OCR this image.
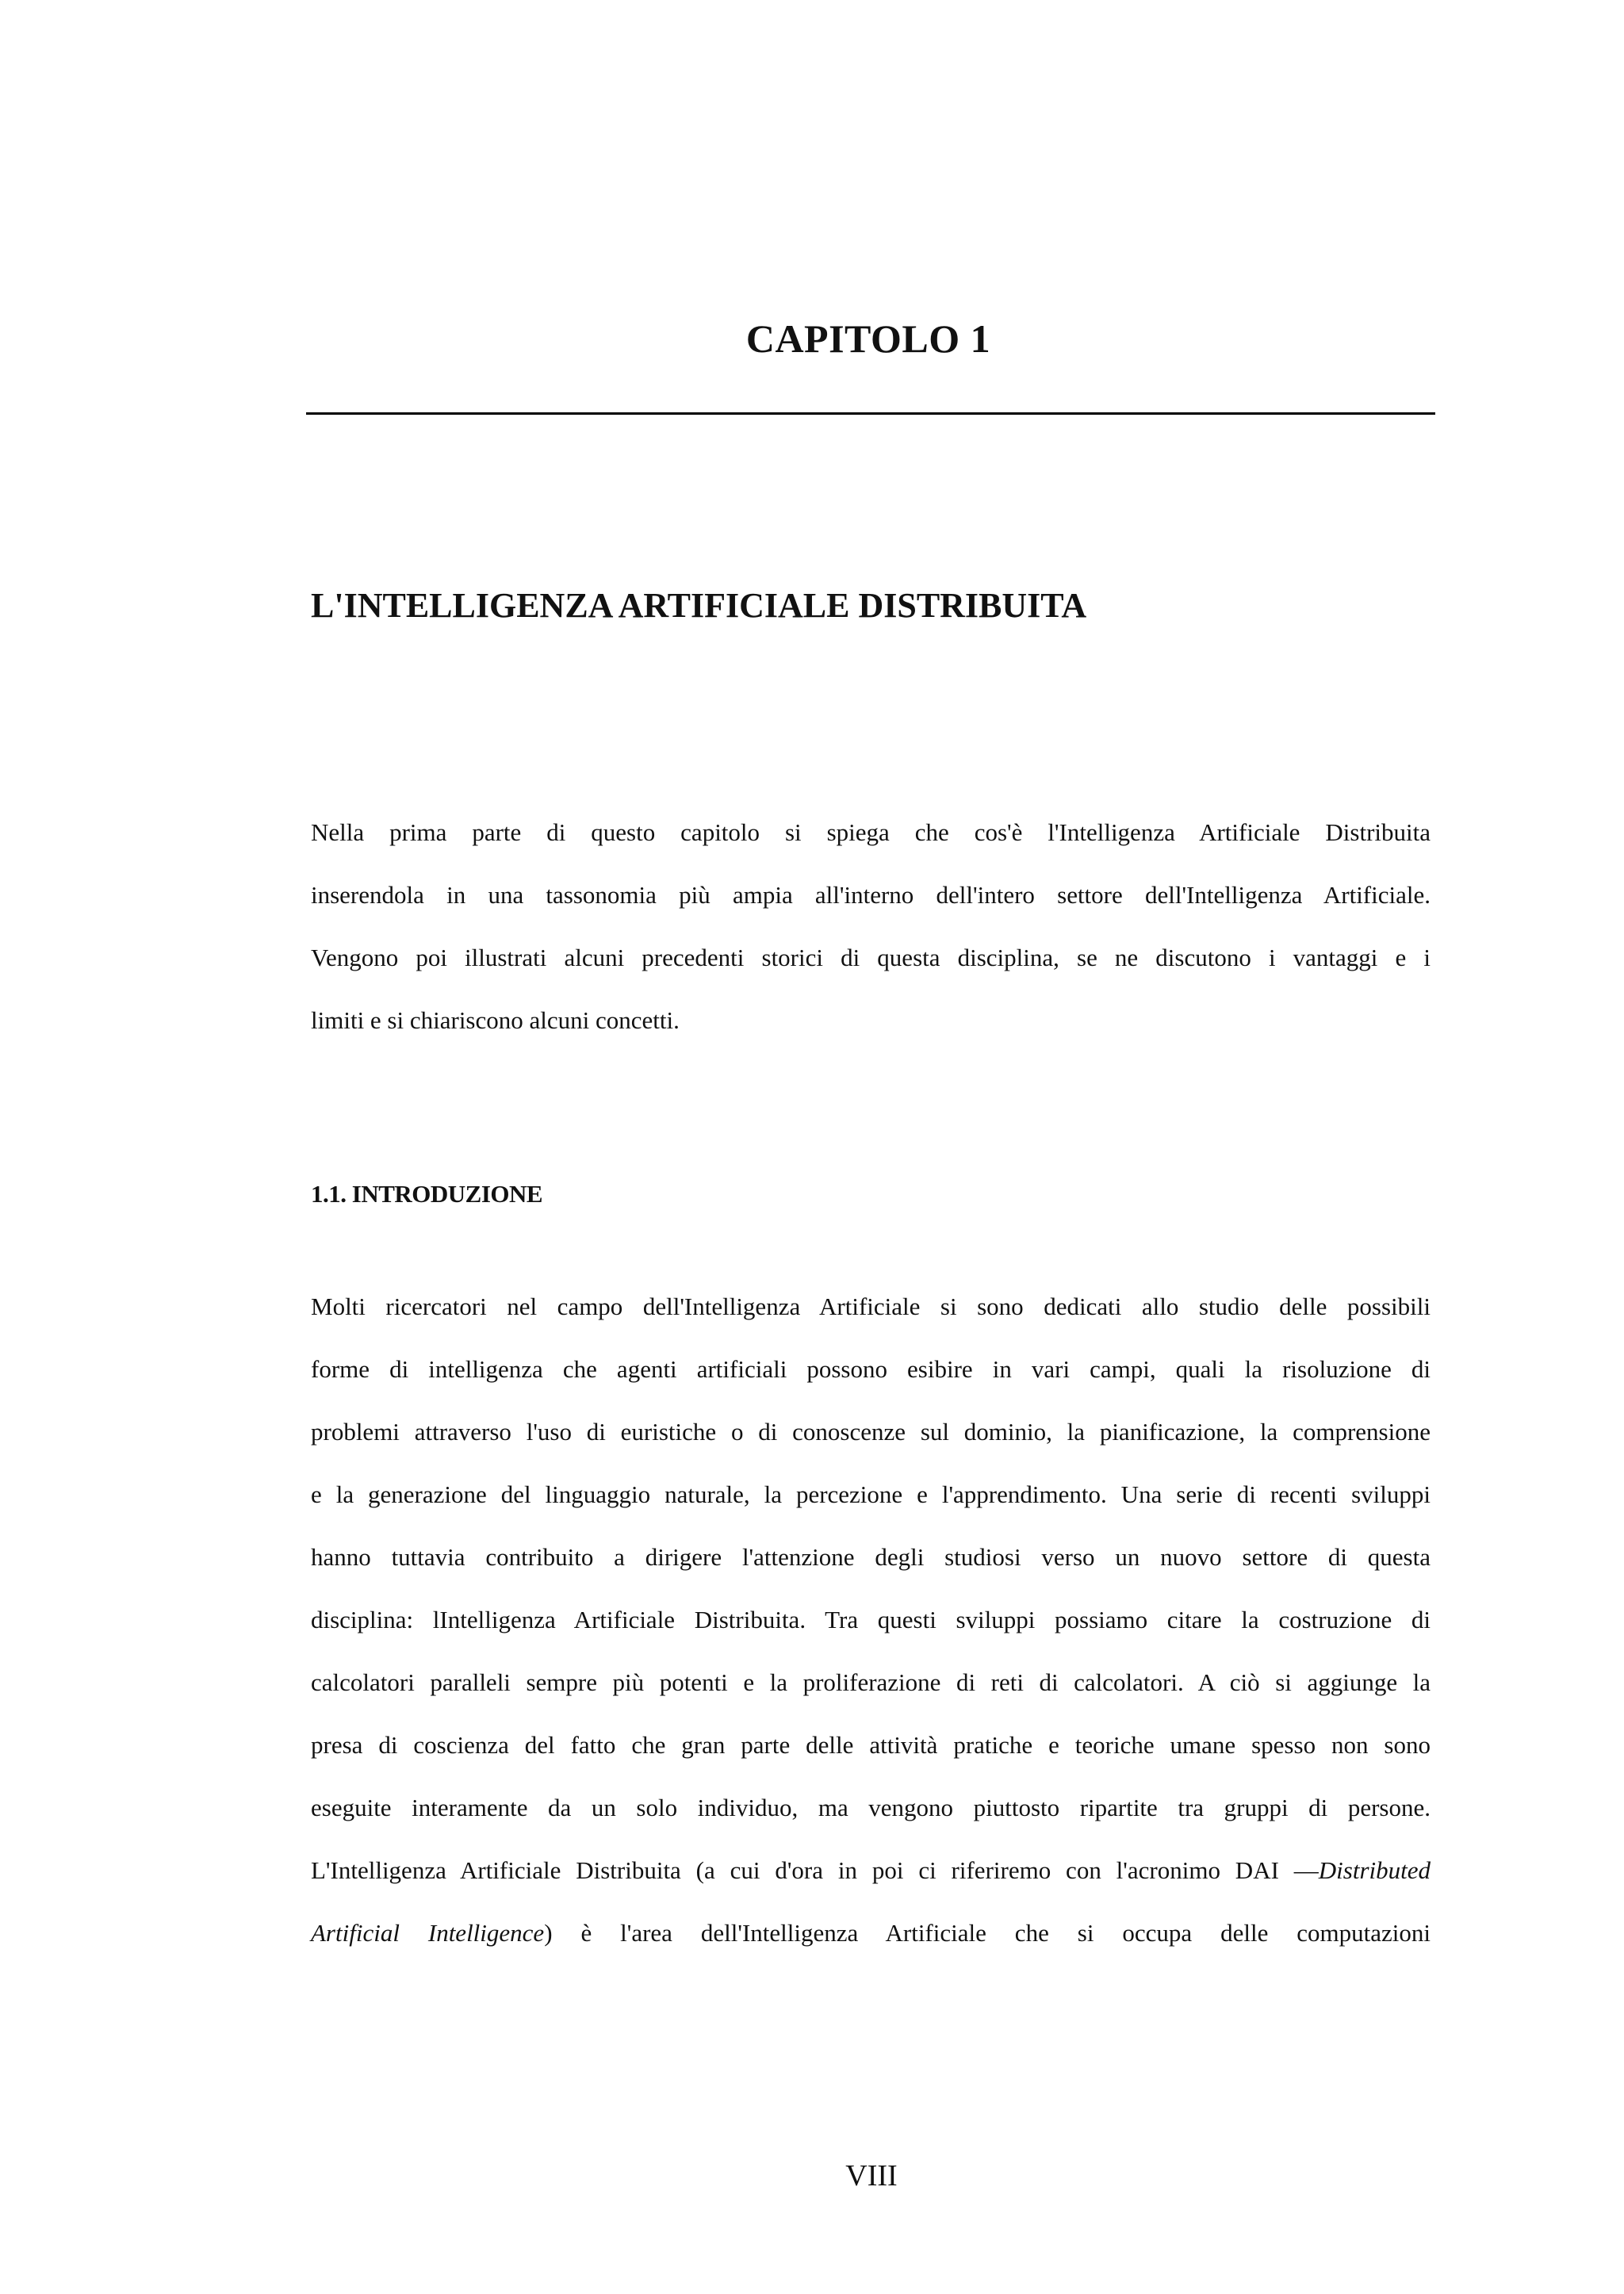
CAPITOLO 1
L'INTELLIGENZA ARTIFICIALE DISTRIBUITA
Nella prima parte di questo capitolo si spiega che cos'è l'Intelligenza Artificiale Distribuita
inserendola in una tassonomia più ampia all'interno dell'intero settore dell'Intelligenza Artificiale.
Vengono poi illustrati alcuni precedenti storici di questa disciplina, se ne discutono i vantaggi e i
limiti e si chiariscono alcuni concetti.
1.1. INTRODUZIONE
Molti ricercatori nel campo dell'Intelligenza Artificiale si sono dedicati allo studio delle possibili
forme di intelligenza che agenti artificiali possono esibire in vari campi, quali la risoluzione di
problemi attraverso l'uso di euristiche o di conoscenze sul dominio, la pianificazione, la comprensione
e la generazione del linguaggio naturale, la percezione e l'apprendimento. Una serie di recenti sviluppi
hanno tuttavia contribuito a dirigere l'attenzione degli studiosi verso un nuovo settore di questa
disciplina: lIntelligenza Artificiale Distribuita. Tra questi sviluppi possiamo citare la costruzione di
calcolatori paralleli sempre più potenti e la proliferazione di reti di calcolatori. A ciò si aggiunge la
presa di coscienza del fatto che gran parte delle attività pratiche e teoriche umane spesso non sono
eseguite interamente da un solo individuo, ma vengono piuttosto ripartite tra gruppi di persone.
L'Intelligenza Artificiale Distribuita (a cui d'ora in poi ci riferiremo con l'acronimo DAI —Distributed
Artificial Intelligence) è l'area dell'Intelligenza Artificiale che si occupa delle computazioni
VIII
